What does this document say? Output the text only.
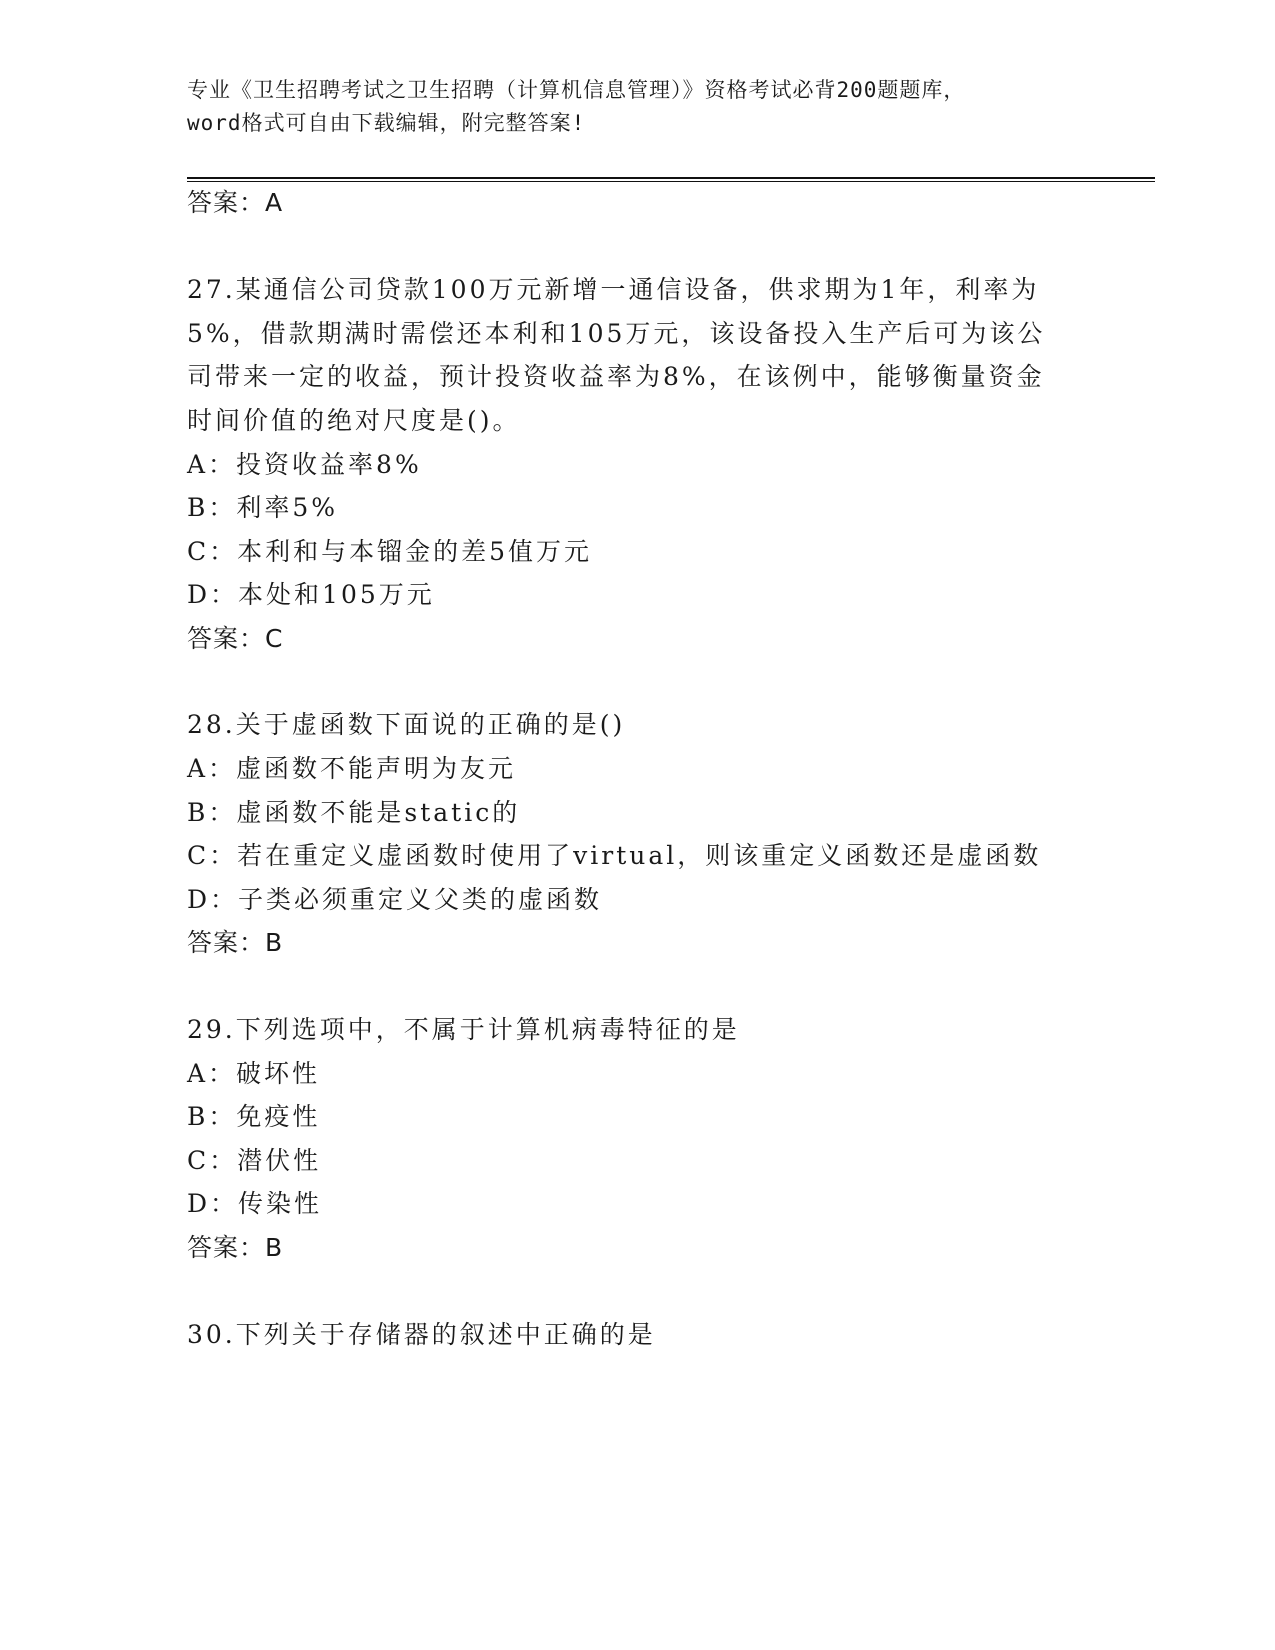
专业《卫生招聘考试之卫生招聘（计算机信息管理）》资格考试必背200题题库，
word格式可自由下载编辑，附完整答案!
答案：A
27.某通信公司贷款100万元新增一通信设备，供求期为1年，利率为
5%，借款期满时需偿还本利和105万元，该设备投入生产后可为该公
司带来一定的收益，预计投资收益率为8%，在该例中，能够衡量资金
时间价值的绝对尺度是()。
A：投资收益率8%
B：利率5%
C：本利和与本镏金的差5值万元
D：本处和105万元
答案：C
28.关于虚函数下面说的正确的是()
A：虚函数不能声明为友元
B：虚函数不能是static的
C：若在重定义虚函数时使用了virtual，则该重定义函数还是虚函数
D：子类必须重定义父类的虚函数
答案：B
29.下列选项中，不属于计算机病毒特征的是
A：破坏性
B：免疫性
C：潜伏性
D：传染性
答案：B
30.下列关于存储器的叙述中正确的是
